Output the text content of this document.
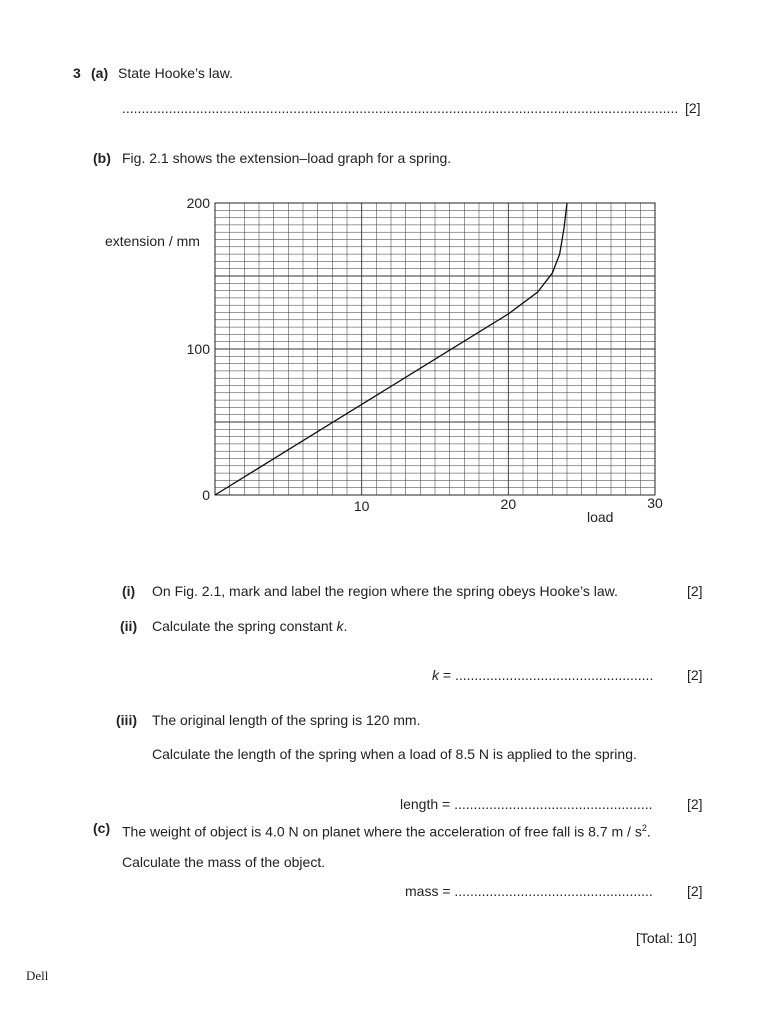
3 (a) State Hooke’s law.
............................................................................................................................................... [2]
(b) Fig. 2.1 shows the extension–load graph for a spring.
0
100
200
10	20	30
extension / mm
load
(i) On Fig. 2.1, mark and label the region where the spring obeys Hooke’s law.	[2]
(ii) Calculate the spring constant k.
k = ................................................... [2]
(iii) The original length of the spring is 120 mm.
Calculate the length of the spring when a load of 8.5 N is applied to the spring.
length = ................................................... [2]
(c) The weight of object is 4.0 N on planet where the acceleration of free fall is 8.7 m / $s^2$.
Calculate the mass of the object.
mass = ................................................... [2]
[Total: 10]
Dell
